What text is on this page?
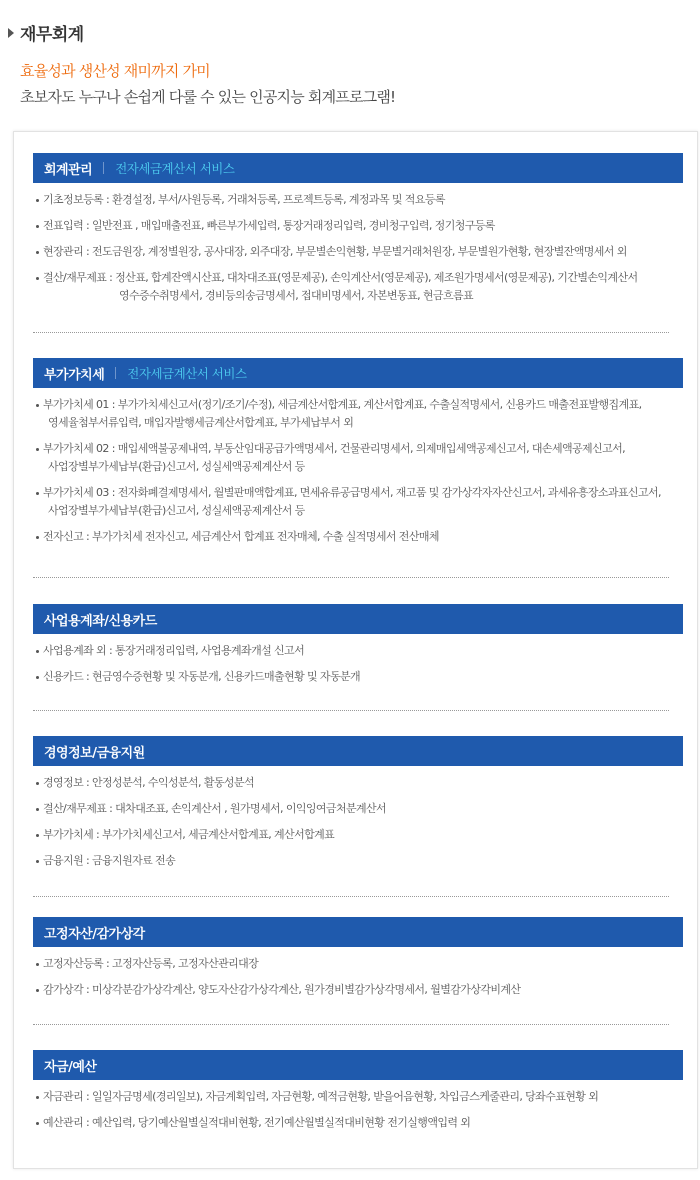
재무회계
효율성과 생산성 재미까지 가미
초보자도 누구나 손쉽게 다룰 수 있는 인공지능 회계프로그램!
회계관리 전자세금계산서 서비스
기초정보등록 : 환경설정, 부서/사원등록, 거래처등록, 프로젝트등록, 계정과목 및 적요등록
전표입력 : 일반전표 , 매입매출전표, 빠른부가세입력, 통장거래정리입력, 경비청구입력, 정기청구등록
현장관리 : 전도금원장, 계정별원장, 공사대장, 외주대장, 부문별손익현황, 부문별거래처원장, 부문별원가현황, 현장별잔액명세서 외
결산/재무제표 : 정산표, 합계잔액시산표, 대차대조표(영문제공), 손익계산서(영문제공), 제조원가명세서(영문제공), 기간별손익계산서
영수증수취명세서, 경비등의송금명세서, 접대비명세서, 자본변동표, 현금흐름표
부가가치세 전자세금계산서 서비스
부가가치세 01 : 부가가치세신고서(정기/조기/수정), 세금계산서합계표, 계산서합계표, 수출실적명세서, 신용카드 매출전표발행집계표,
영세율첨부서류입력, 매입자발행세금계산서합계표, 부가세납부서 외
부가가치세 02 : 매입세액불공제내역, 부동산임대공급가액명세서, 건물관리명세서, 의제매입세액공제신고서, 대손세액공제신고서,
사업장별부가세납부(환급)신고서, 성실세액공제계산서 등
부가가치세 03 : 전자화폐결제명세서, 월별판매액합계표, 면세유류공급명세서, 재고품 및 감가상각자자산신고서, 과세유흥장소과표신고서,
사업장별부가세납부(환급)신고서, 성실세액공제계산서 등
전자신고 : 부가가치세 전자신고, 세금계산서 합계표 전자매체, 수출 실적명세서 전산매체
사업용계좌/신용카드
사업용계좌 외 : 통장거래정리입력, 사업용계좌개설 신고서
신용카드 : 현금영수증현황 및 자동분개, 신용카드매출현황 및 자동분개
경영정보/금융지원
경영정보 : 안정성분석, 수익성분석, 활동성분석
결산/재무제표 : 대차대조표, 손익계산서 , 원가명세서, 이익잉여금처분계산서
부가가치세 : 부가가치세신고서, 세금계산서합계표, 계산서합계표
금융지원 : 금융지원자료 전송
고정자산/감가상각
고정자산등록 : 고정자산등록, 고정자산관리대장
감가상각 : 미상각분감가상각계산, 양도자산감가상각계산, 원가경비별감가상각명세서, 월별감가상각비계산
자금/예산
자금관리 : 일일자금명세(경리일보), 자금계획입력, 자금현황, 예적금현황, 받을어음현황, 차입금스케줄관리, 당좌수표현황 외
예산관리 : 예산입력, 당기예산월별실적대비현황, 전기예산월별실적대비현황 전기실행액입력 외
